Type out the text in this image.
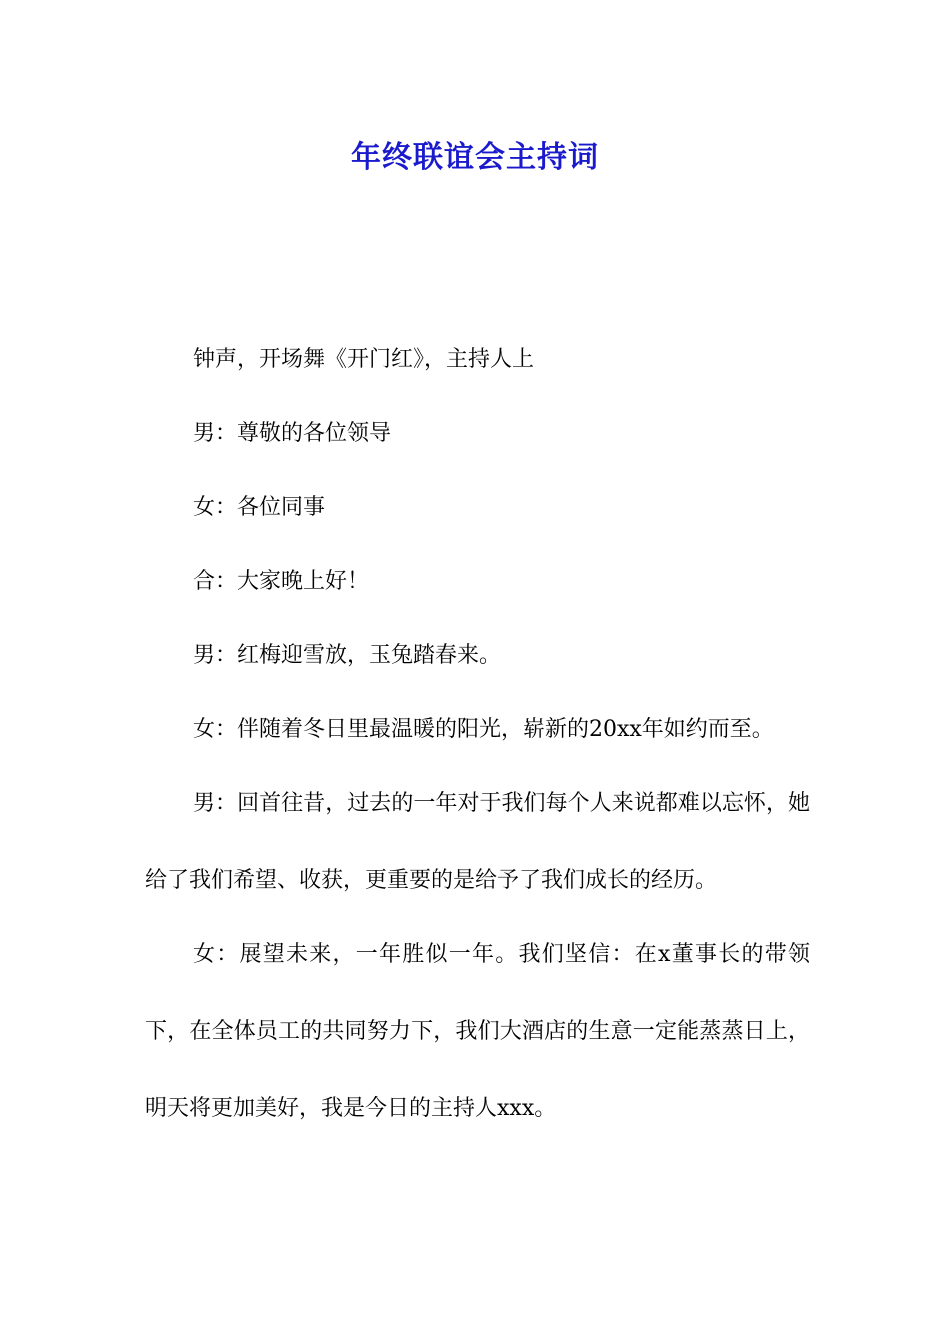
年终联谊会主持词

钟声，开场舞《开门红》，主持人上

男：尊敬的各位领导

女：各位同事

合：大家晚上好！

男：红梅迎雪放，玉兔踏春来。

女：伴随着冬日里最温暖的阳光，崭新的20xx年如约而至。

男：回首往昔，过去的一年对于我们每个人来说都难以忘怀，她给了我们希望、收获，更重要的是给予了我们成长的经历。

女：展望未来，一年胜似一年。我们坚信：在x董事长的带领下，在全体员工的共同努力下，我们大酒店的生意一定能蒸蒸日上，明天将更加美好，我是今日的主持人xxx。
